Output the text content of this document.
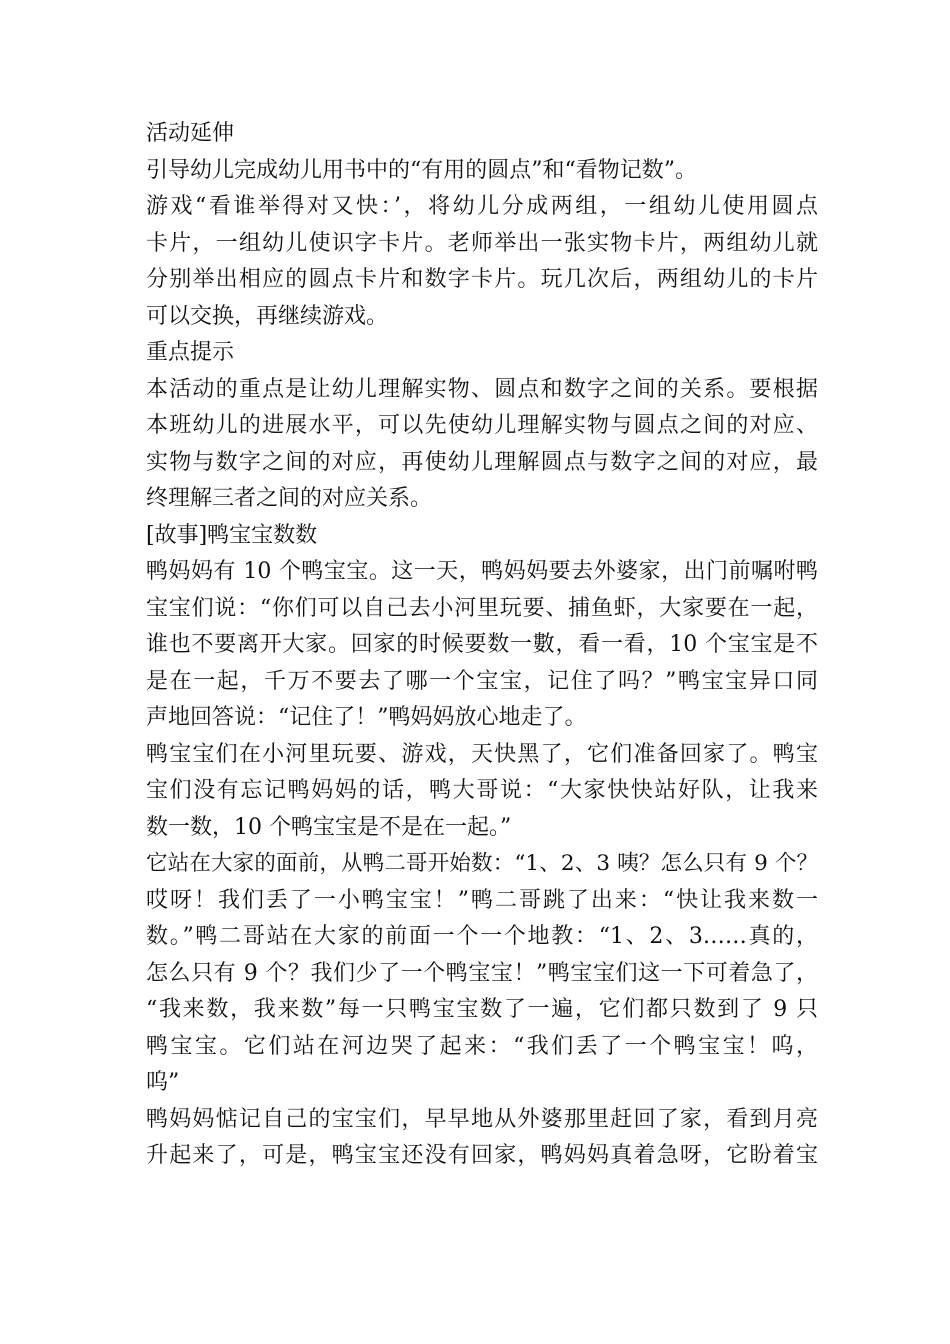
活动延伸
引导幼儿完成幼儿用书中的“有用的圆点”和“看物记数”。
游戏“看谁举得对又快：’，将幼儿分成两组，一组幼儿使用圆点
卡片，一组幼儿使识字卡片。老师举出一张实物卡片，两组幼儿就
分别举出相应的圆点卡片和数字卡片。玩几次后，两组幼儿的卡片
可以交换，再继续游戏。
重点提示
本活动的重点是让幼儿理解实物、圆点和数字之间的关系。要根据
本班幼儿的进展水平，可以先使幼儿理解实物与圆点之间的对应、
实物与数字之间的对应，再使幼儿理解圆点与数字之间的对应，最
终理解三者之间的对应关系。
[故事]鸭宝宝数数
鸭妈妈有 10 个鸭宝宝。这一天，鸭妈妈要去外婆家，出门前嘱咐鸭
宝宝们说：“你们可以自己去小河里玩要、捕鱼虾，大家要在一起，
谁也不要离开大家。回家的时候要数一數，看一看，10 个宝宝是不
是在一起，千万不要去了哪一个宝宝，记住了吗？”鸭宝宝异口同
声地回答说：“记住了！”鸭妈妈放心地走了。
鸭宝宝们在小河里玩要、游戏，天快黑了，它们准备回家了。鸭宝
宝们没有忘记鸭妈妈的话，鸭大哥说：“大家快快站好队，让我来
数一数，10 个鸭宝宝是不是在一起。”
它站在大家的面前，从鸭二哥开始数：“1、2、3 咦？怎么只有 9 个？
哎呀！我们丢了一小鸭宝宝！”鸭二哥跳了出来：“快让我来数一
数。”鸭二哥站在大家的前面一个一个地教：“1、2、3……真的，
怎么只有 9 个？我们少了一个鸭宝宝！”鸭宝宝们这一下可着急了，
“我来数，我来数”每一只鸭宝宝数了一遍，它们都只数到了 9 只
鸭宝宝。它们站在河边哭了起来：“我们丢了一个鸭宝宝！呜，
呜”
鸭妈妈惦记自己的宝宝们，早早地从外婆那里赶回了家，看到月亮
升起来了，可是，鸭宝宝还没有回家，鸭妈妈真着急呀，它盼着宝
